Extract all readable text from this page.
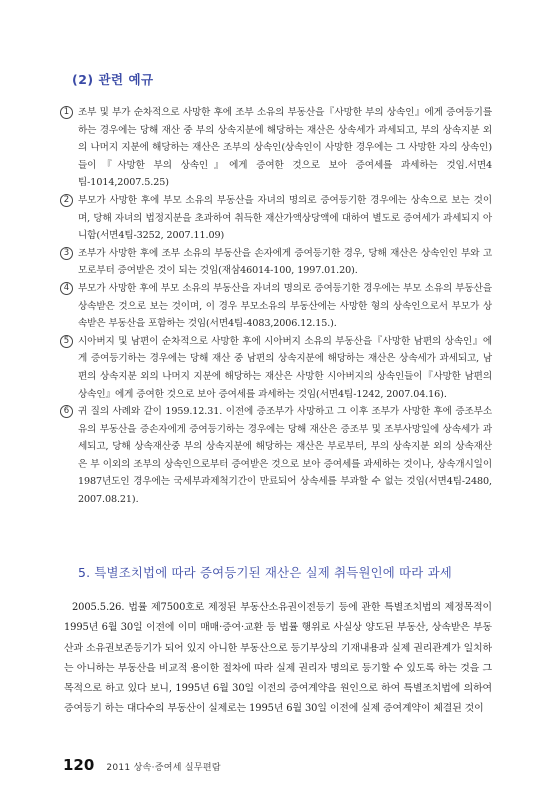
(2) 관련 예규
1 조부 및 부가 순차적으로 사망한 후에 조부 소유의 부동산을『사망한 부의 상속인』에게 증여등기를 하는 경우에는 당해 재산 중 부의 상속지분에 해당하는 재산은 상속세가 과세되고, 부의 상속지분 외의 나머지 지분에 해당하는 재산은 조부의 상속인(상속인이 사망한 경우에는 그 사망한 자의 상속인)들이『사망한 부의 상속인』에게 증여한 것으로 보아 증여세를 과세하는 것임.서면4팀-1014,2007.5.25)

2 부모가 사망한 후에 부모 소유의 부동산을 자녀의 명의로 증여등기한 경우에는 상속으로 보는 것이며, 당해 자녀의 법정지분을 초과하여 취득한 재산가액상당액에 대하여 별도로 증여세가 과세되지 아니함(서면4팀-3252, 2007.11.09)

3 조부가 사망한 후에 조부 소유의 부동산을 손자에게 증여등기한 경우, 당해 재산은 상속인인 부와 고모로부터 증여받은 것이 되는 것임(재삼46014-100, 1997.01.20).

4 부모가 사망한 후에 부모 소유의 부동산을 자녀의 명의로 증여등기한 경우에는 부모 소유의 부동산을 상속받은 것으로 보는 것이며, 이 경우 부모소유의 부동산에는 사망한 형의 상속인으로서 부모가 상속받은 부동산을 포함하는 것임(서면4팀-4083,2006.12.15.).

5 시아버지 및 남편이 순차적으로 사망한 후에 시아버지 소유의 부동산을『사망한 남편의 상속인』에게 증여등기하는 경우에는 당해 재산 중 남편의 상속지분에 해당하는 재산은 상속세가 과세되고, 남편의 상속지분 외의 나머지 지분에 해당하는 재산은 사망한 시아버지의 상속인들이『사망한 남편의 상속인』에게 증여한 것으로 보아 증여세를 과세하는 것임(서면4팀-1242, 2007.04.16).

6 귀 질의 사례와 같이 1959.12.31. 이전에 증조부가 사망하고 그 이후 조부가 사망한 후에 증조부소유의 부동산을 증손자에게 증여등기하는 경우에는 당해 재산은 증조부 및 조부사망일에 상속세가 과세되고, 당해 상속재산중 부의 상속지분에 해당하는 재산은 부로부터, 부의 상속지분 외의 상속재산은 부 이외의 조부의 상속인으로부터 증여받은 것으로 보아 증여세를 과세하는 것이나, 상속개시일이 1987년도인 경우에는 국세부과제척기간이 만료되어 상속세를 부과할 수 없는 것임(서면4팀-2480, 2007.08.21).

5. 특별조치법에 따라 증여등기된 재산은 실제 취득원인에 따라 과세

2005.5.26. 법률 제7500호로 제정된 부동산소유권이전등기 등에 관한 특별조치법의 제정목적이 1995년 6월 30일 이전에 이미 매매·증여·교환 등 법률 행위로 사실상 양도된 부동산, 상속받은 부동산과 소유권보존등기가 되어 있지 아니한 부동산으로 등기부상의 기재내용과 실제 권리관계가 일치하는 아니하는 부동산을 비교적 용이한 절차에 따라 실제 권리자 명의로 등기할 수 있도록 하는 것을 그 목적으로 하고 있다 보니, 1995년 6월 30일 이전의 증여계약을 원인으로 하여 특별조치법에 의하여 증여등기 하는 대다수의 부동산이 실제로는 1995년 6월 30일 이전에 실제 증여계약이 체결된 것이

120 2011 상속·증여세 실무편람
